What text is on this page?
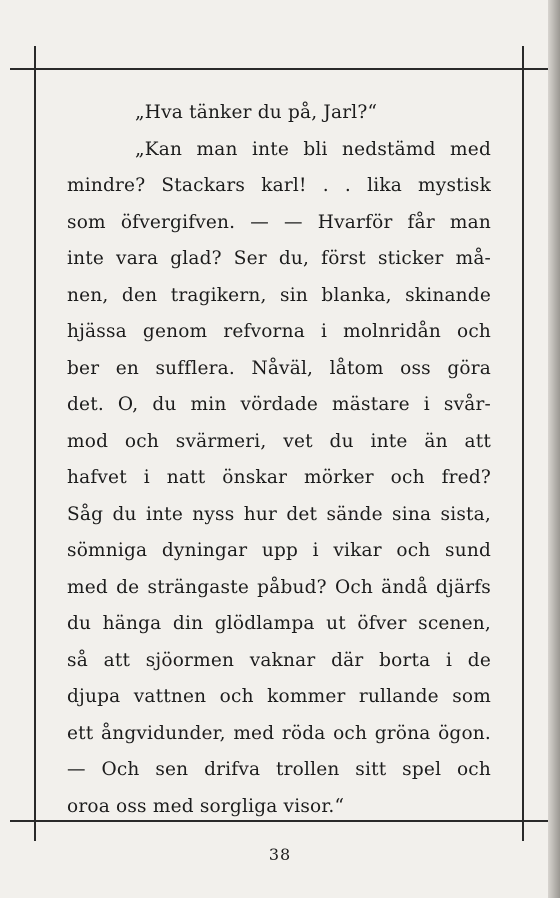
„Hva tänker du på, Jarl?“
„Kan man inte bli nedstämd med
mindre? Stackars karl! . . lika mystisk
som öfvergifven. — — Hvarför får man
inte vara glad? Ser du, först sticker må-
nen, den tragikern, sin blanka, skinande
hjässa genom refvorna i molnridån och
ber en sufflera. Nåväl, låtom oss göra
det. O, du min vördade mästare i svår-
mod och svärmeri, vet du inte än att
hafvet i natt önskar mörker och fred?
Såg du inte nyss hur det sände sina sista,
sömniga dyningar upp i vikar och sund
med de strängaste påbud? Och ändå djärfs
du hänga din glödlampa ut öfver scenen,
så att sjöormen vaknar där borta i de
djupa vattnen och kommer rullande som
ett ångvidunder, med röda och gröna ögon.
— Och sen drifva trollen sitt spel och
oroa oss med sorgliga visor.“
38
